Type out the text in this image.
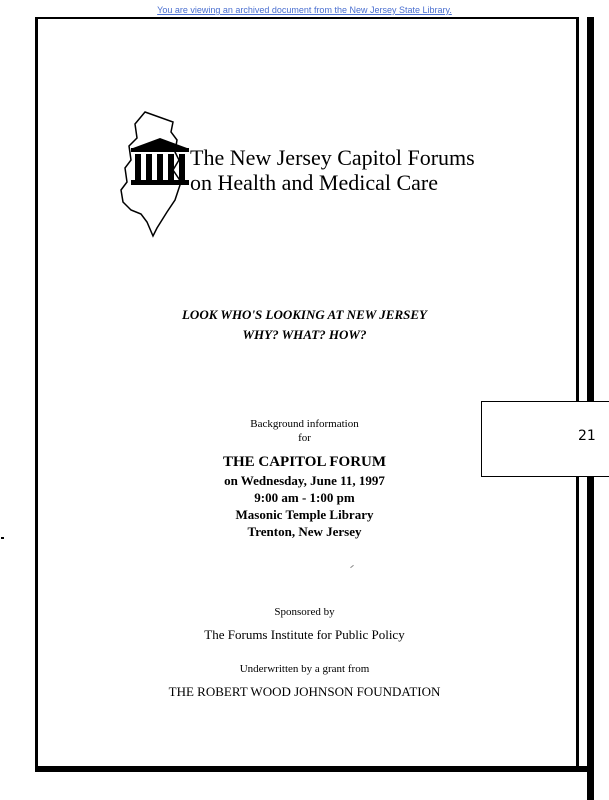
You are viewing an archived document from the New Jersey State Library.
The New Jersey Capitol Forums
on Health and Medical Care
LOOK WHO'S LOOKING AT NEW JERSEY
WHY? WHAT? HOW?
Background information
for
THE CAPITOL FORUM
on Wednesday, June 11, 1997
9:00 am - 1:00 pm
Masonic Temple Library
Trenton, New Jersey
Sponsored by
The Forums Institute for Public Policy
Underwritten by a grant from
THE ROBERT WOOD JOHNSON FOUNDATION
21
